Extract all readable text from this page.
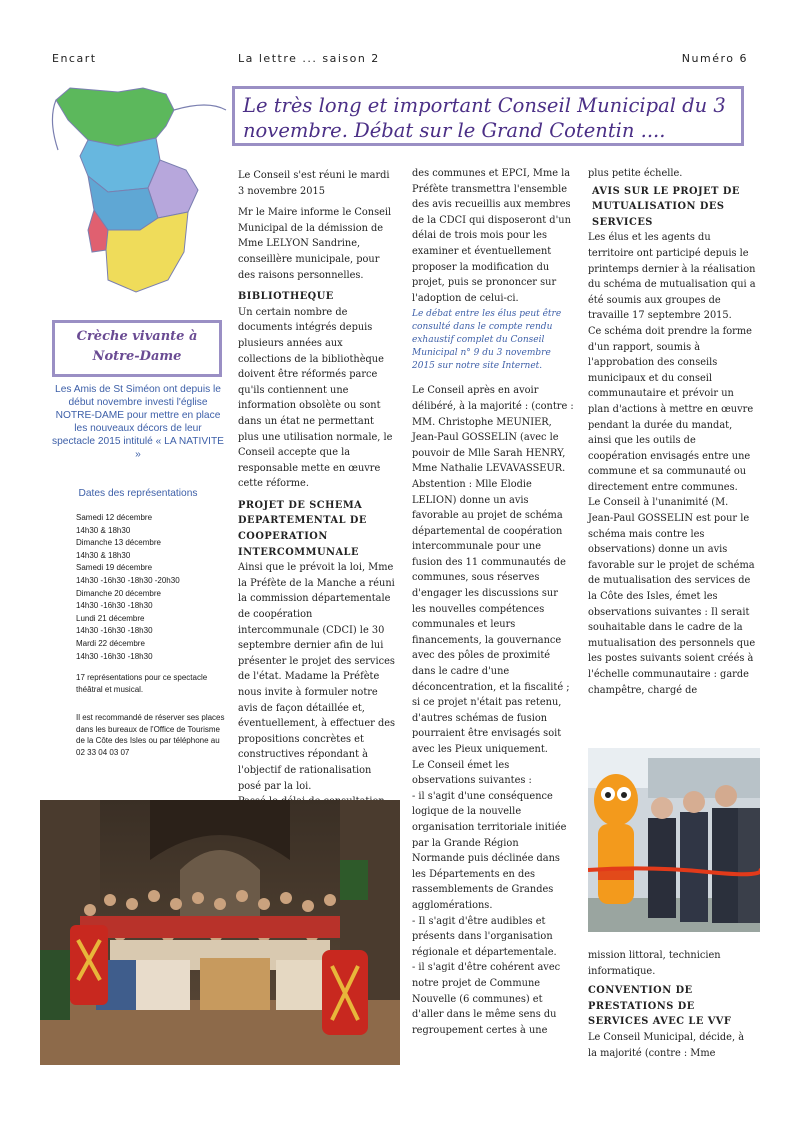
Encart	La lettre ... saison 2	Numéro 6
Le très long et important Conseil Municipal du 3 novembre. Débat sur le Grand Cotentin ....
Crèche vivante à Notre-Dame
Les Amis de St Siméon ont depuis le début novembre investi l'église NOTRE-DAME pour mettre en place les nouveaux décors de leur spectacle 2015 intitulé « LA NATIVITE »
Dates des représentations
Samedi 12 décembre
14h30 & 18h30
Dimanche 13 décembre
14h30 & 18h30
Samedi 19 décembre
14h30 -16h30 -18h30 -20h30
Dimanche 20 décembre
14h30 -16h30 -18h30
Lundi 21 décembre
14h30 -16h30 -18h30
Mardi 22 décembre
14h30 -16h30 -18h30
17 représentations pour ce spectacle théâtral et musical.
Il est recommandé de réserver ses places dans les bureaux de l'Office de Tourisme de la Côte des Isles ou par téléphone au 02 33 04 03 07

Le Conseil s'est réuni le mardi 3 novembre 2015

Mr le Maire informe le Conseil Municipal de la démission de Mme LELYON Sandrine, conseillère municipale, pour des raisons personnelles.

BIBLIOTHEQUE

Un certain nombre de documents intégrés depuis plusieurs années aux collections de la bibliothèque doivent être réformés parce qu'ils contiennent une information obsolète ou sont dans un état ne permettant plus une utilisation normale, le Conseil accepte que la responsable mette en œuvre cette réforme.

PROJET DE SCHEMA DEPARTEMENTAL DE COOPERATION INTERCOMMUNALE

Ainsi que le prévoit la loi, Mme la Préfète de la Manche a réuni la commission départementale de coopération intercommunale (CDCI) le 30 septembre dernier afin de lui présenter le projet des services de l'état. Madame la Préfète nous invite à formuler notre avis de façon détaillée et, éventuellement, à effectuer des propositions concrètes et constructives répondant à l'objectif de rationalisation posé par la loi.

des communes et EPCI, Mme la Préfète transmettra l'ensemble des avis recueillis aux membres de la CDCI qui disposeront d'un délai de trois mois pour les examiner et éventuellement proposer la modification du projet, puis se prononcer sur l'adoption de celui-ci.

Le débat entre les élus peut être consulté dans le compte rendu exhaustif complet du Conseil Municipal n° 9 du 3 novembre 2015 sur notre site Internet.

Le Conseil après en avoir délibéré, à la majorité : (contre : MM. Christophe MEUNIER, Jean-Paul GOSSELIN (avec le pouvoir de Mlle Sarah HENRY, Mme Nathalie LEVAVASSEUR. Abstention : Mlle Elodie LELION) donne un avis favorable au projet de schéma départemental de coopération intercommunale pour une fusion des 11 communautés de communes, sous réserves d'engager les discussions sur les nouvelles compétences communales et leurs financements, la gouvernance avec des pôles de proximité dans le cadre d'une déconcentration, et la fiscalité ; si ce projet n'était pas retenu, d'autres schémas de fusion pourraient être envisagés soit avec les Pieux uniquement.

Le Conseil émet les observations suivantes :

- il s'agit d'une conséquence logique de la nouvelle organisation territoriale initiée par la Grande Région Normande puis déclinée dans les Départements en des rassemblements de Grandes agglomérations.

- Il s'agit d'être audibles et présents dans l'organisation régionale et départementale.

- il s'agit d'être cohérent avec notre projet de Commune Nouvelle (6 communes) et d'aller dans le même sens du regroupement certes à une

plus petite échelle.

AVIS SUR LE PROJET DE MUTUALISATION DES SERVICES

Les élus et les agents du territoire ont participé depuis le printemps dernier à la réalisation du schéma de mutualisation qui a été soumis aux groupes de travaille 17 septembre 2015.

Ce schéma doit prendre la forme d'un rapport, soumis à l'approbation des conseils municipaux et du conseil communautaire et prévoir un plan d'actions à mettre en œuvre pendant la durée du mandat, ainsi que les outils de coopération envisagés entre une commune et sa communauté ou directement entre communes.

Le Conseil à l'unanimité (M. Jean-Paul GOSSELIN est pour le schéma mais contre les observations) donne un avis favorable sur le projet de schéma de mutualisation des services de la Côte des Isles, émet les observations suivantes : Il serait souhaitable dans le cadre de la mutualisation des personnels que les postes suivants soient créés à l'échelle communautaire : garde champêtre, chargé de

mission littoral, technicien informatique.

CONVENTION DE PRESTATIONS DE SERVICES AVEC LE VVF

Le Conseil Municipal, décide, à la majorité (contre : Mme
